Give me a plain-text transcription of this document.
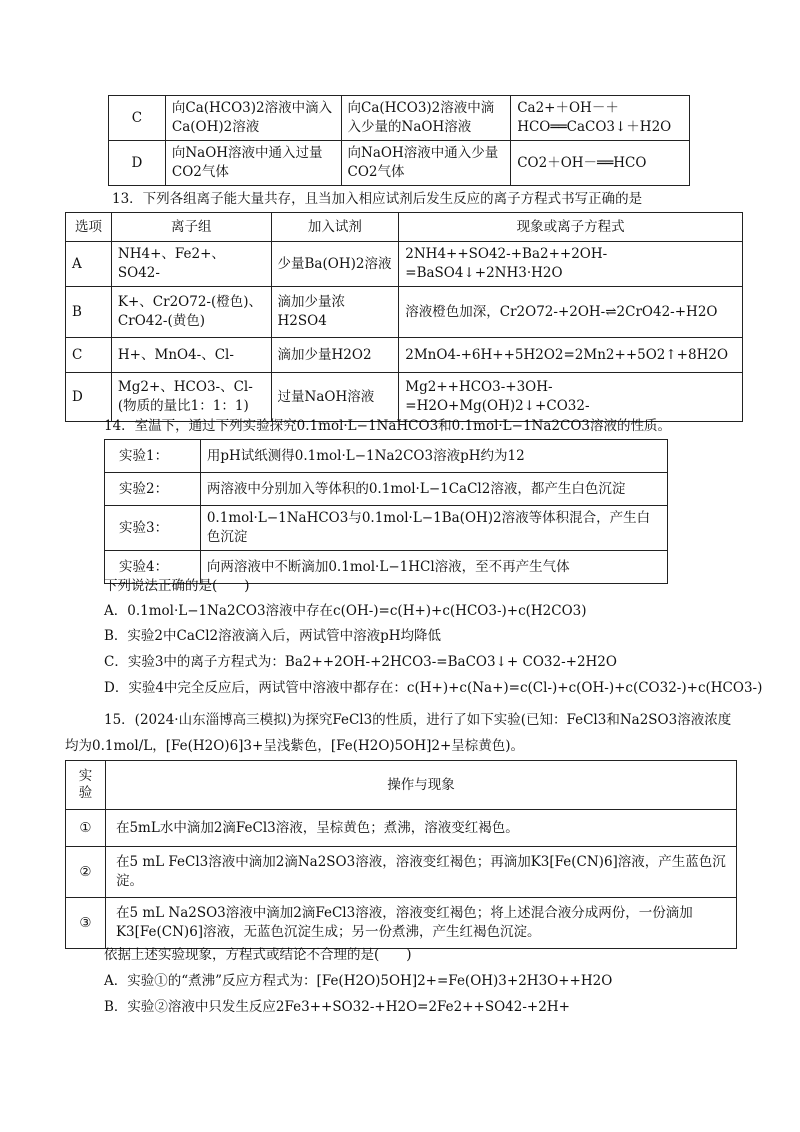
C	向Ca(HCO3)2溶液中滴入Ca(OH)2溶液	向Ca(HCO3)2溶液中滴入少量的NaOH溶液	Ca2+＋OH－＋HCO══CaCO3↓＋H2O
D	向NaOH溶液中通入过量CO2气体	向NaOH溶液中通入少量CO2气体	CO2＋OH－══HCO
13．下列各组离子能大量共存，且当加入相应试剂后发生反应的离子方程式书写正确的是
选项	离子组	加入试剂	现象或离子方程式
A	NH4+、Fe2+、SO42-	少量Ba(OH)2溶液	2NH4++SO42-+Ba2++2OH-=BaSO4↓+2NH3·H2O
B	K+、Cr2O72-(橙色)、CrO42-(黄色)	滴加少量浓H2SO4	溶液橙色加深，Cr2O72-+2OH-⇌2CrO42-+H2O
C	H+、MnO4-、Cl-	滴加少量H2O2	2MnO4-+6H++5H2O2=2Mn2++5O2↑+8H2O
D	Mg2+、HCO3-、Cl-(物质的量比1：1：1)	过量NaOH溶液	Mg2++HCO3-+3OH-=H2O+Mg(OH)2↓+CO32-
14．室温下，通过下列实验探究0.1mol·L−1NaHCO3和0.1mol·L−1Na2CO3溶液的性质。
实验1：	用pH试纸测得0.1mol·L−1Na2CO3溶液pH约为12
实验2：	两溶液中分别加入等体积的0.1mol·L−1CaCl2溶液，都产生白色沉淀
实验3：	0.1mol·L−1NaHCO3与0.1mol·L−1Ba(OH)2溶液等体积混合，产生白色沉淀
实验4：	向两溶液中不断滴加0.1mol·L−1HCl溶液，至不再产生气体
下列说法正确的是(　　)
A．0.1mol·L−1Na2CO3溶液中存在c(OH-)=c(H+)+c(HCO3-)+c(H2CO3)
B．实验2中CaCl2溶液滴入后，两试管中溶液pH均降低
C．实验3中的离子方程式为：Ba2++2OH-+2HCO3-=BaCO3↓+ CO32-+2H2O
D．实验4中完全反应后，两试管中溶液中都存在：c(H+)+c(Na+)=c(Cl-)+c(OH-)+c(CO32-)+c(HCO3-)
15．(2024·山东淄博高三模拟)为探究FeCl3的性质，进行了如下实验(已知：FeCl3和Na2SO3溶液浓度
均为0.1mol/L，[Fe(H2O)6]3+呈浅紫色，[Fe(H2O)5OH]2+呈棕黄色)。
实
验	操作与现象
①	在5mL水中滴加2滴FeCl3溶液，呈棕黄色；煮沸，溶液变红褐色。
②	在5 mL FeCl3溶液中滴加2滴Na2SO3溶液，溶液变红褐色；再滴加K3[Fe(CN)6]溶液，产生蓝色沉淀。
③	在5 mL Na2SO3溶液中滴加2滴FeCl3溶液，溶液变红褐色；将上述混合液分成两份，一份滴加K3[Fe(CN)6]溶液，无蓝色沉淀生成；另一份煮沸，产生红褐色沉淀。
依据上述实验现象，方程式或结论不合理的是(　　)
A．实验①的“煮沸”反应方程式为：[Fe(H2O)5OH]2+=Fe(OH)3+2H3O++H2O
B．实验②溶液中只发生反应2Fe3++SO32-+H2O=2Fe2++SO42-+2H+
